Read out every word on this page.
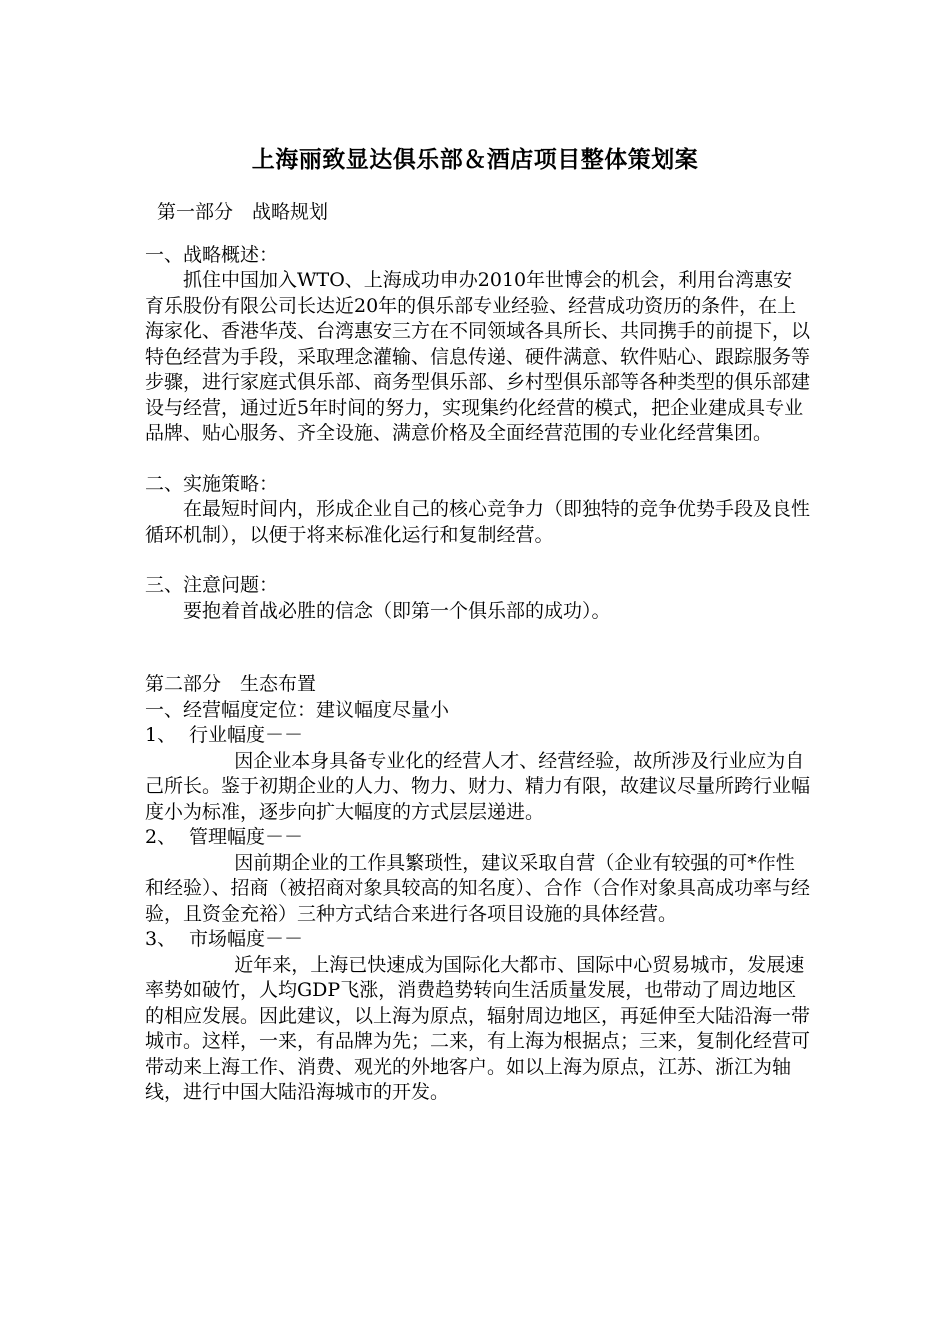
上海丽致显达俱乐部＆酒店项目整体策划案

第一部分　战略规划

一、战略概述：

抓住中国加入WTO、上海成功申办2010年世博会的机会，利用台湾惠安育乐股份有限公司长达近20年的俱乐部专业经验、经营成功资历的条件，在上海家化、香港华茂、台湾惠安三方在不同领域各具所长、共同携手的前提下，以特色经营为手段，采取理念灌输、信息传递、硬件满意、软件贴心、跟踪服务等步骤，进行家庭式俱乐部、商务型俱乐部、乡村型俱乐部等各种类型的俱乐部建设与经营，通过近5年时间的努力，实现集约化经营的模式，把企业建成具专业品牌、贴心服务、齐全设施、满意价格及全面经营范围的专业化经营集团。

二、实施策略：

在最短时间内，形成企业自己的核心竞争力（即独特的竞争优势手段及良性循环机制），以便于将来标准化运行和复制经营。

三、注意问题：

要抱着首战必胜的信念（即第一个俱乐部的成功）。

第二部分　生态布置

一、经营幅度定位：建议幅度尽量小

1、 行业幅度－－

因企业本身具备专业化的经营人才、经营经验，故所涉及行业应为自己所长。鉴于初期企业的人力、物力、财力、精力有限，故建议尽量所跨行业幅度小为标准，逐步向扩大幅度的方式层层递进。

2、 管理幅度－－

因前期企业的工作具繁琐性，建议采取自营（企业有较强的可*作性和经验）、招商（被招商对象具较高的知名度）、合作（合作对象具高成功率与经验，且资金充裕）三种方式结合来进行各项目设施的具体经营。

3、 市场幅度－－

近年来，上海已快速成为国际化大都市、国际中心贸易城市，发展速率势如破竹，人均GDP飞涨，消费趋势转向生活质量发展，也带动了周边地区的相应发展。因此建议，以上海为原点，辐射周边地区，再延伸至大陆沿海一带城市。这样，一来，有品牌为先；二来，有上海为根据点；三来，复制化经营可带动来上海工作、消费、观光的外地客户。如以上海为原点，江苏、浙江为轴线，进行中国大陆沿海城市的开发。
